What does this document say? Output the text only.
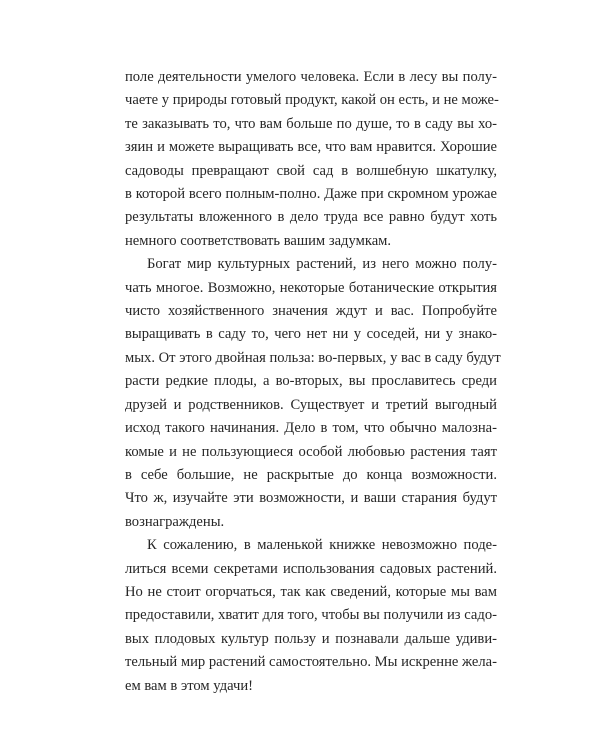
поле деятельности умелого человека. Если в лесу вы полу-
чаете у природы готовый продукт, какой он есть, и не може-
те заказывать то, что вам больше по душе, то в саду вы хо-
зяин и можете выращивать все, что вам нравится. Хорошие
садоводы превращают свой сад в волшебную шкатулку,
в которой всего полным-полно. Даже при скромном урожае
результаты вложенного в дело труда все равно будут хоть
немного соответствовать вашим задумкам.

Богат мир культурных растений, из него можно полу-
чать многое. Возможно, некоторые ботанические открытия
чисто хозяйственного значения ждут и вас. Попробуйте
выращивать в саду то, чего нет ни у соседей, ни у знако-
мых. От этого двойная польза: во-первых, у вас в саду будут
расти редкие плоды, а во-вторых, вы прославитесь среди
друзей и родственников. Существует и третий выгодный
исход такого начинания. Дело в том, что обычно малозна-
комые и не пользующиеся особой любовью растения таят
в себе большие, не раскрытые до конца возможности.
Что ж, изучайте эти возможности, и ваши старания будут
вознаграждены.

К сожалению, в маленькой книжке невозможно поде-
литься всеми секретами использования садовых растений.
Но не стоит огорчаться, так как сведений, которые мы вам
предоставили, хватит для того, чтобы вы получили из садо-
вых плодовых культур пользу и познавали дальше удиви-
тельный мир растений самостоятельно. Мы искренне жела-
ем вам в этом удачи!
